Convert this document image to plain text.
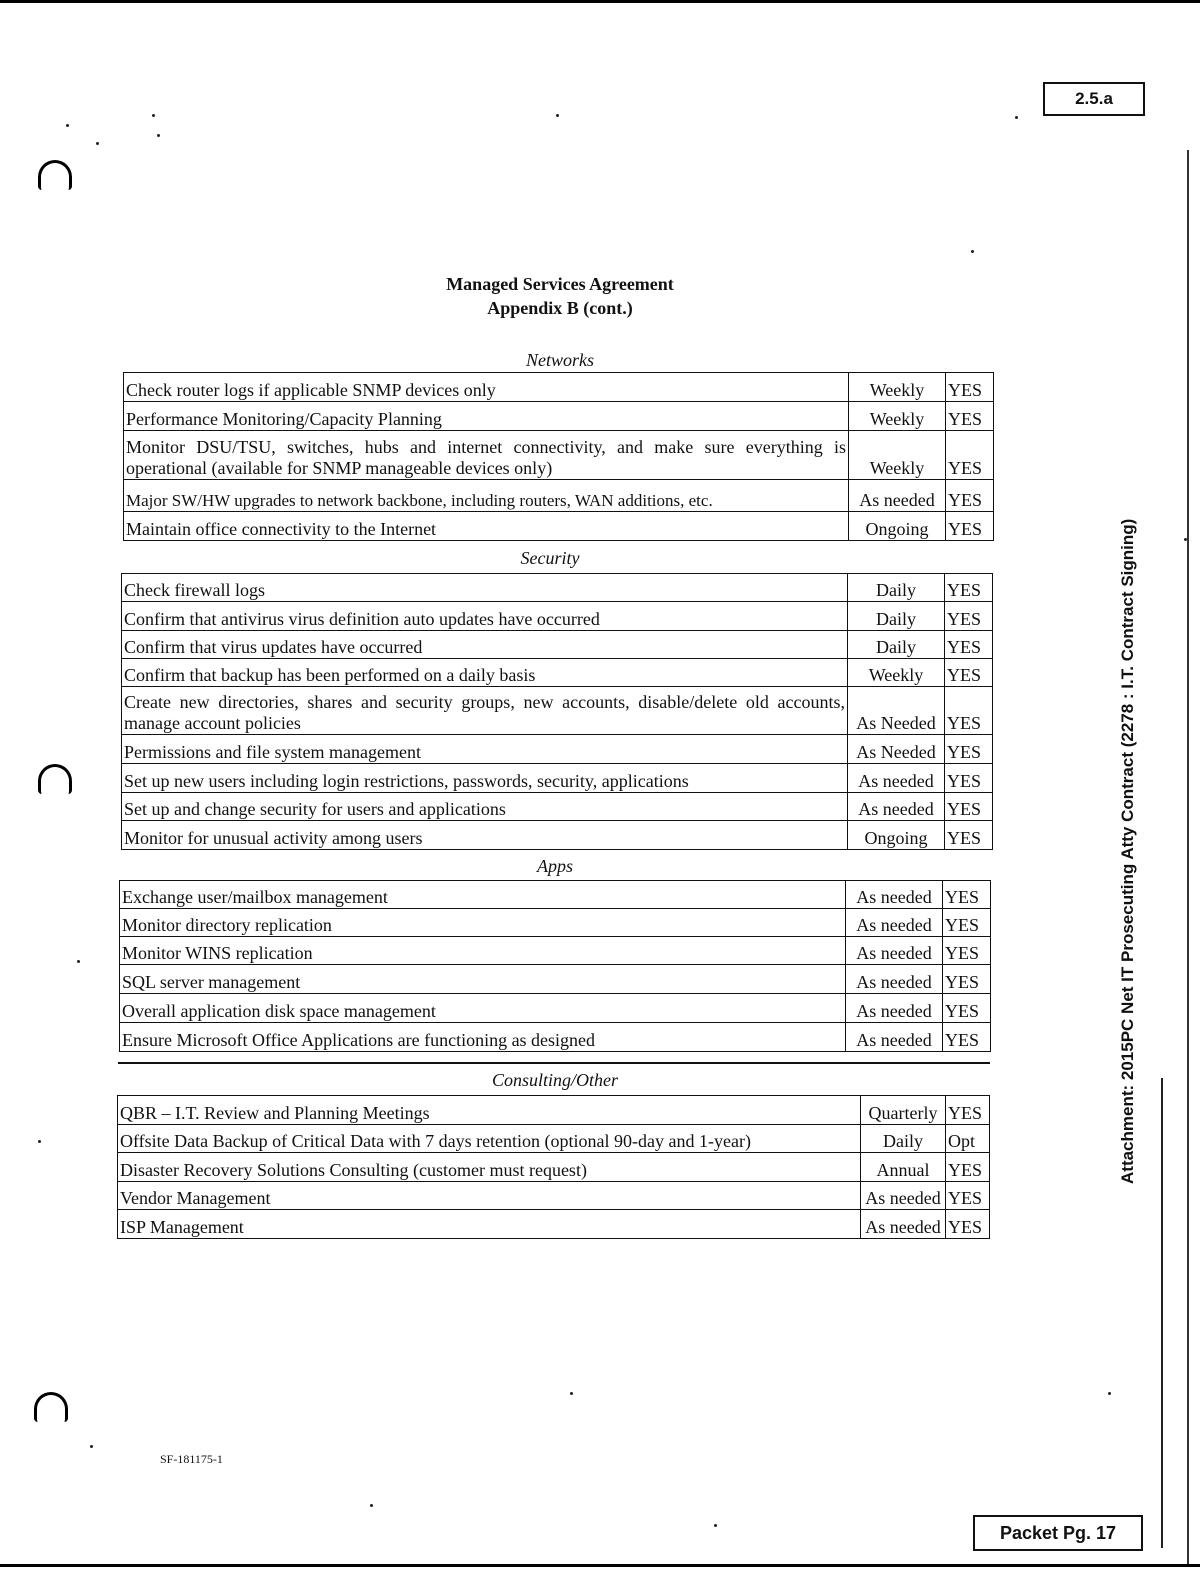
2.5.a
Managed Services Agreement
Appendix B (cont.)
Networks
Check router logs if applicable SNMP devices only	Weekly	YES
Performance Monitoring/Capacity Planning	Weekly	YES
Monitor DSU/TSU, switches, hubs and internet connectivity, and make sure everything is operational (available for SNMP manageable devices only)	Weekly	YES
Major SW/HW upgrades to network backbone, including routers, WAN additions, etc.	As needed	YES
Maintain office connectivity to the Internet	Ongoing	YES
Security
Check firewall logs	Daily	YES
Confirm that antivirus virus definition auto updates have occurred	Daily	YES
Confirm that virus updates have occurred	Daily	YES
Confirm that backup has been performed on a daily basis	Weekly	YES
Create new directories, shares and security groups, new accounts, disable/delete old accounts, manage account policies	As Needed	YES
Permissions and file system management	As Needed	YES
Set up new users including login restrictions, passwords, security, applications	As needed	YES
Set up and change security for users and applications	As needed	YES
Monitor for unusual activity among users	Ongoing	YES
Apps
Exchange user/mailbox management	As needed	YES
Monitor directory replication	As needed	YES
Monitor WINS replication	As needed	YES
SQL server management	As needed	YES
Overall application disk space management	As needed	YES
Ensure Microsoft Office Applications are functioning as designed	As needed	YES
Consulting/Other
QBR – I.T. Review and Planning Meetings	Quarterly	YES
Offsite Data Backup of Critical Data with 7 days retention (optional 90-day and 1-year)	Daily	Opt
Disaster Recovery Solutions Consulting (customer must request)	Annual	YES
Vendor Management	As needed	YES
ISP Management	As needed	YES
Attachment: 2015PC Net IT Prosecuting Atty Contract (2278 : I.T. Contract Signing)
SF-181175-1
Packet Pg. 17
